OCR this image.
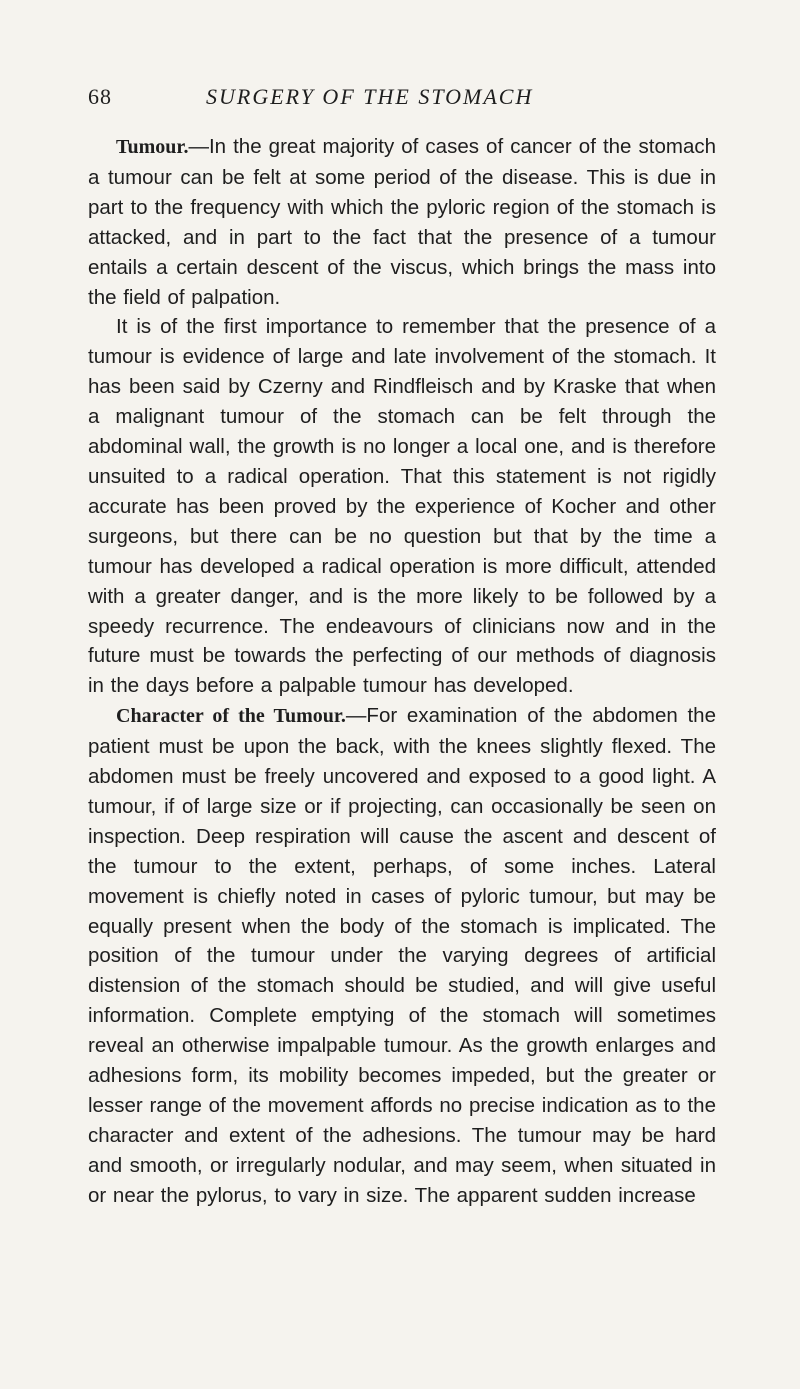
68	SURGERY OF THE STOMACH

Tumour.—In the great majority of cases of cancer of the stomach a tumour can be felt at some period of the disease. This is due in part to the frequency with which the pyloric region of the stomach is attacked, and in part to the fact that the presence of a tumour entails a certain descent of the viscus, which brings the mass into the field of palpation.

It is of the first importance to remember that the presence of a tumour is evidence of large and late involvement of the stomach. It has been said by Czerny and Rindfleisch and by Kraske that when a malignant tumour of the stomach can be felt through the abdominal wall, the growth is no longer a local one, and is therefore unsuited to a radical operation. That this statement is not rigidly accurate has been proved by the experience of Kocher and other surgeons, but there can be no question but that by the time a tumour has developed a radical operation is more difficult, attended with a greater danger, and is the more likely to be followed by a speedy recurrence. The endeavours of clinicians now and in the future must be towards the perfecting of our methods of diagnosis in the days before a palpable tumour has developed.

Character of the Tumour.—For examination of the abdomen the patient must be upon the back, with the knees slightly flexed. The abdomen must be freely uncovered and exposed to a good light. A tumour, if of large size or if projecting, can occasionally be seen on inspection. Deep respiration will cause the ascent and descent of the tumour to the extent, perhaps, of some inches. Lateral movement is chiefly noted in cases of pyloric tumour, but may be equally present when the body of the stomach is implicated. The position of the tumour under the varying degrees of artificial distension of the stomach should be studied, and will give useful information. Complete emptying of the stomach will sometimes reveal an otherwise impalpable tumour. As the growth enlarges and adhesions form, its mobility becomes impeded, but the greater or lesser range of the movement affords no precise indication as to the character and extent of the adhesions. The tumour may be hard and smooth, or irregularly nodular, and may seem, when situated in or near the pylorus, to vary in size. The apparent sudden increase
